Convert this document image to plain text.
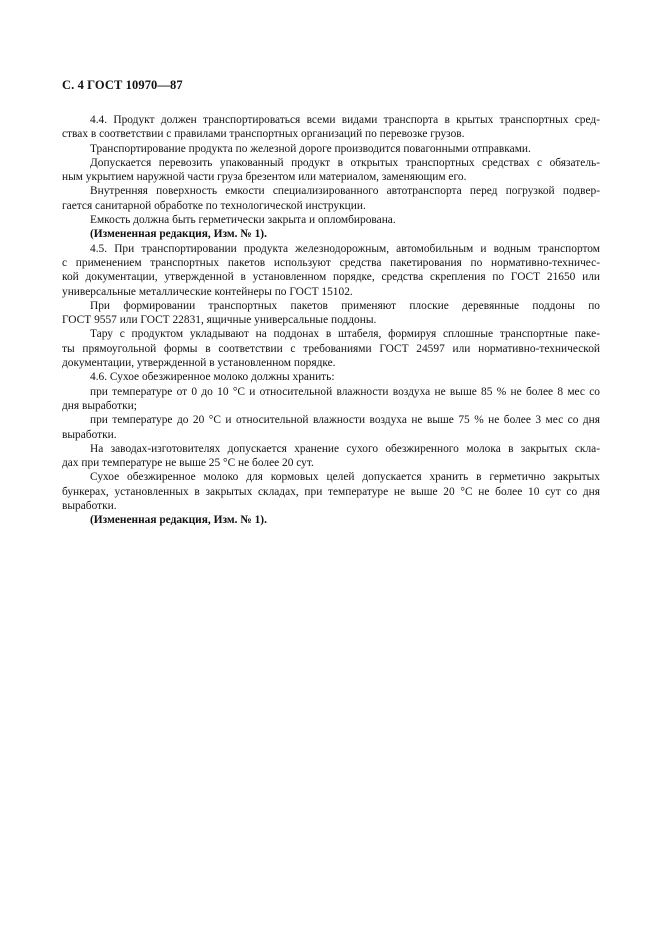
С. 4 ГОСТ 10970—87
4.4. Продукт должен транспортироваться всеми видами транспорта в крытых транспортных сред-
ствах в соответствии с правилами транспортных организаций по перевозке грузов.
Транспортирование продукта по железной дороге производится повагонными отправками.
Допускается перевозить упакованный продукт в открытых транспортных средствах с обязатель-
ным укрытием наружной части груза брезентом или материалом, заменяющим его.
Внутренняя поверхность емкости специализированного автотранспорта перед погрузкой подвер-
гается санитарной обработке по технологической инструкции.
Емкость должна быть герметически закрыта и опломбирована.
(Измененная редакция, Изм. № 1).
4.5. При транспортировании продукта железнодорожным, автомобильным и водным транспортом
с применением транспортных пакетов используют средства пакетирования по нормативно-техничес-
кой документации, утвержденной в установленном порядке, средства скрепления по ГОСТ 21650 или
универсальные металлические контейнеры по ГОСТ 15102.
При формировании транспортных пакетов применяют плоские деревянные поддоны по
ГОСТ 9557 или ГОСТ 22831, ящичные универсальные поддоны.
Тару с продуктом укладывают на поддонах в штабеля, формируя сплошные транспортные паке-
ты прямоугольной формы в соответствии с требованиями ГОСТ 24597 или нормативно-технической
документации, утвержденной в установленном порядке.
4.6. Сухое обезжиренное молоко должны хранить:
при температуре от 0 до 10 °С и относительной влажности воздуха не выше 85 % не более 8 мес со
дня выработки;
при температуре до 20 °С и относительной влажности воздуха не выше 75 % не более 3 мес со дня
выработки.
На заводах-изготовителях допускается хранение сухого обезжиренного молока в закрытых скла-
дах при температуре не выше 25 °С не более 20 сут.
Сухое обезжиренное молоко для кормовых целей допускается хранить в герметично закрытых
бункерах, установленных в закрытых складах, при температуре не выше 20 °С не более 10 сут со дня
выработки.
(Измененная редакция, Изм. № 1).
